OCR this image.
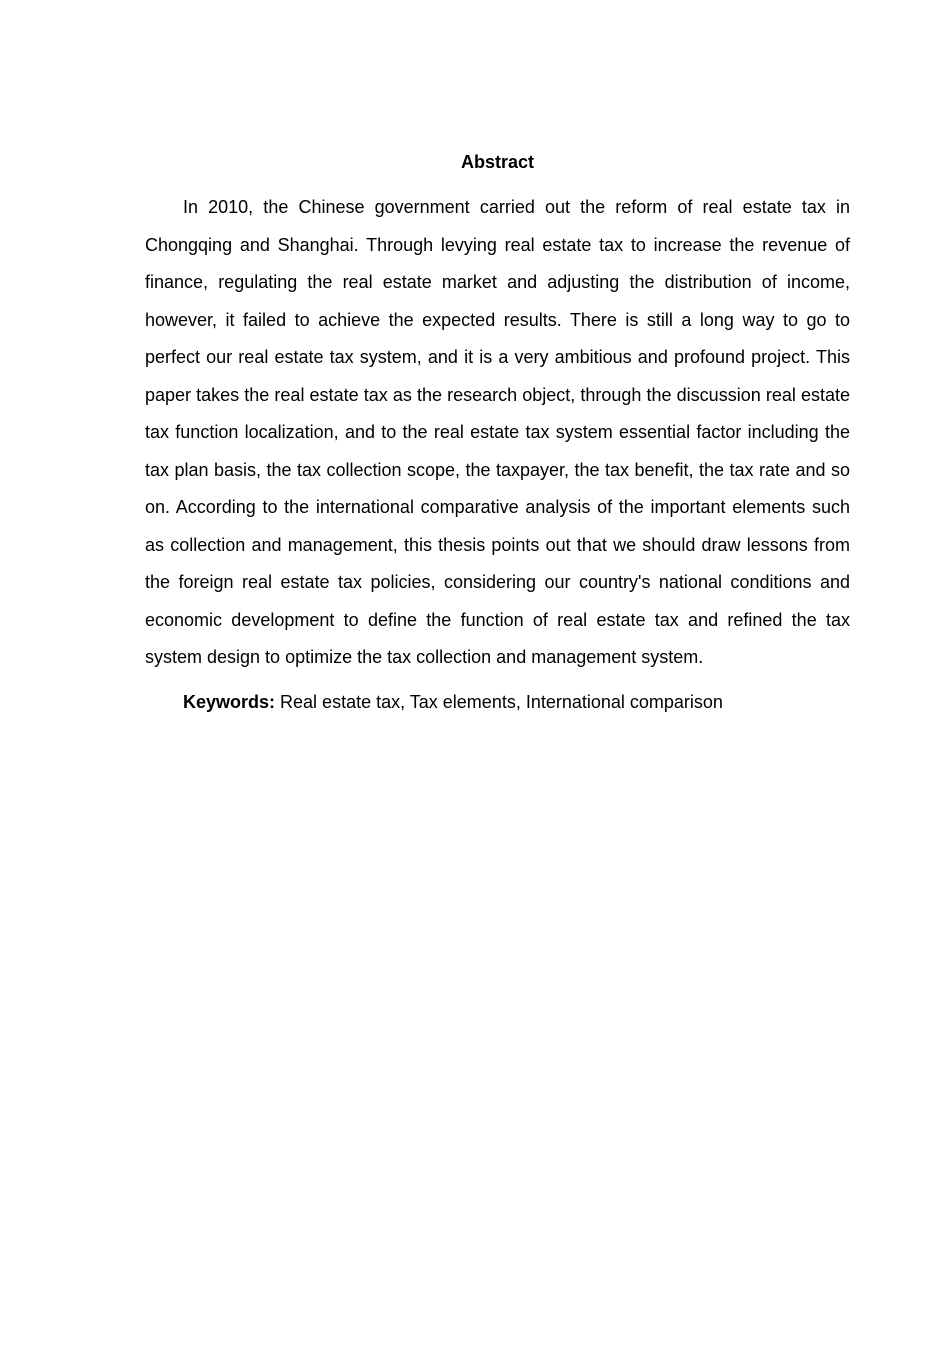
Abstract

In 2010, the Chinese government carried out the reform of real estate tax in Chongqing and Shanghai. Through levying real estate tax to increase the revenue of finance, regulating the real estate market and adjusting the distribution of income, however, it failed to achieve the expected results. There is still a long way to go to perfect our real estate tax system, and it is a very ambitious and profound project. This paper takes the real estate tax as the research object, through the discussion real estate tax function localization, and to the real estate tax system essential factor including the tax plan basis, the tax collection scope, the taxpayer, the tax benefit, the tax rate and so on. According to the international comparative analysis of the important elements such as collection and management, this thesis points out that we should draw lessons from the foreign real estate tax policies, considering our country's national conditions and economic development to define the function of real estate tax and refined the tax system design to optimize the tax collection and management system.

Keywords: Real estate tax, Tax elements, International comparison
